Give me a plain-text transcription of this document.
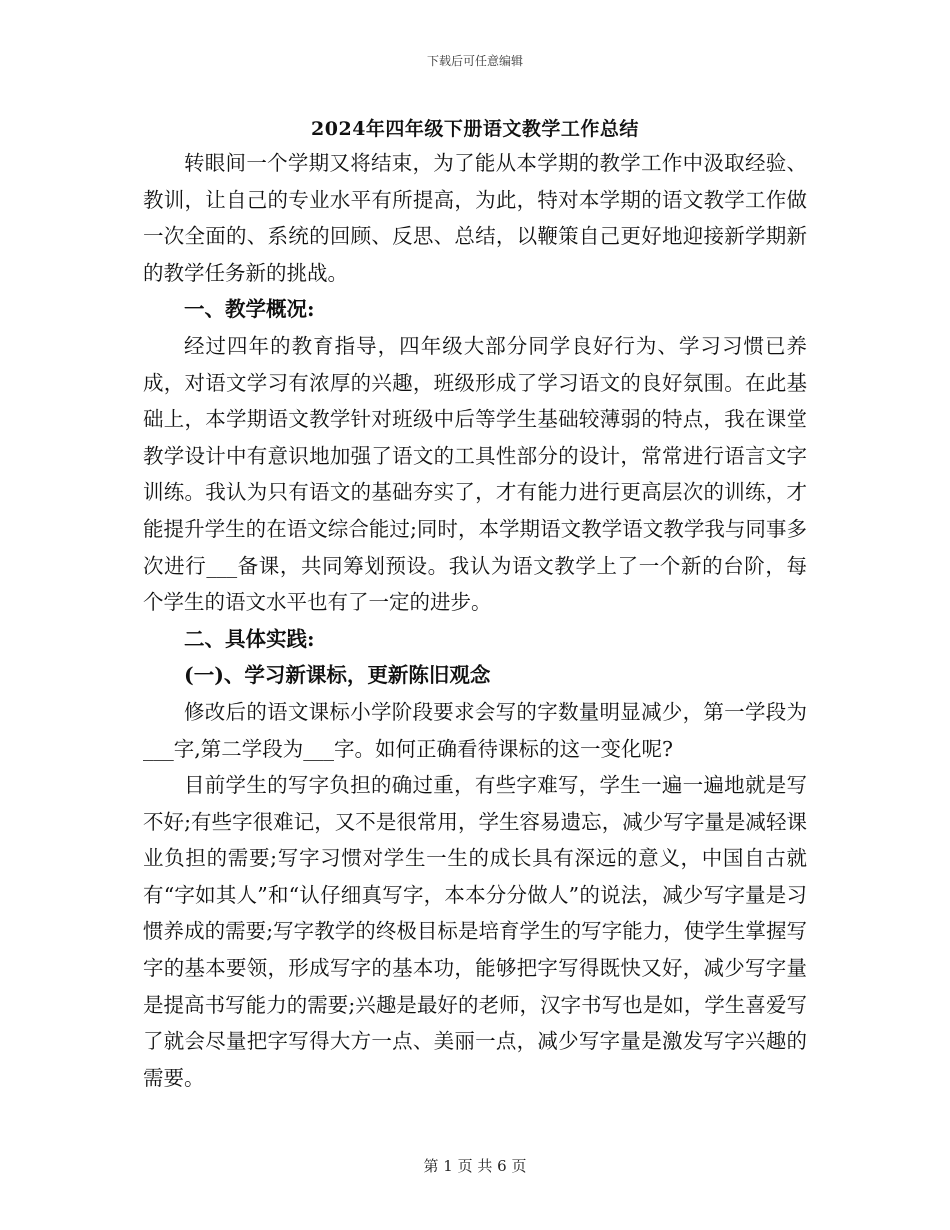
下载后可任意编辑
2024年四年级下册语文教学工作总结

转眼间一个学期又将结束，为了能从本学期的教学工作中汲取经验、教训，让自己的专业水平有所提高，为此，特对本学期的语文教学工作做一次全面的、系统的回顾、反思、总结，以鞭策自己更好地迎接新学期新的教学任务新的挑战。

一、教学概况:

经过四年的教育指导，四年级大部分同学良好行为、学习习惯已养成，对语文学习有浓厚的兴趣，班级形成了学习语文的良好氛围。在此基础上，本学期语文教学针对班级中后等学生基础较薄弱的特点，我在课堂教学设计中有意识地加强了语文的工具性部分的设计，常常进行语言文字训练。我认为只有语文的基础夯实了，才有能力进行更高层次的训练，才能提升学生的在语文综合能过;同时，本学期语文教学语文教学我与同事多次进行___备课，共同筹划预设。我认为语文教学上了一个新的台阶，每个学生的语文水平也有了一定的进步。

二、具体实践:
(一)、学习新课标，更新陈旧观念

修改后的语文课标小学阶段要求会写的字数量明显减少，第一学段为___字,第二学段为___字。如何正确看待课标的这一变化呢?

目前学生的写字负担的确过重，有些字难写，学生一遍一遍地就是写不好;有些字很难记，又不是很常用，学生容易遗忘，减少写字量是减轻课业负担的需要;写字习惯对学生一生的成长具有深远的意义，中国自古就有“字如其人”和“认仔细真写字，本本分分做人”的说法，减少写字量是习惯养成的需要;写字教学的终极目标是培育学生的写字能力，使学生掌握写字的基本要领，形成写字的基本功，能够把字写得既快又好，减少写字量是提高书写能力的需要;兴趣是最好的老师，汉字书写也是如，学生喜爱写了就会尽量把字写得大方一点、美丽一点，减少写字量是激发写字兴趣的需要。

第 1 页 共 6 页
